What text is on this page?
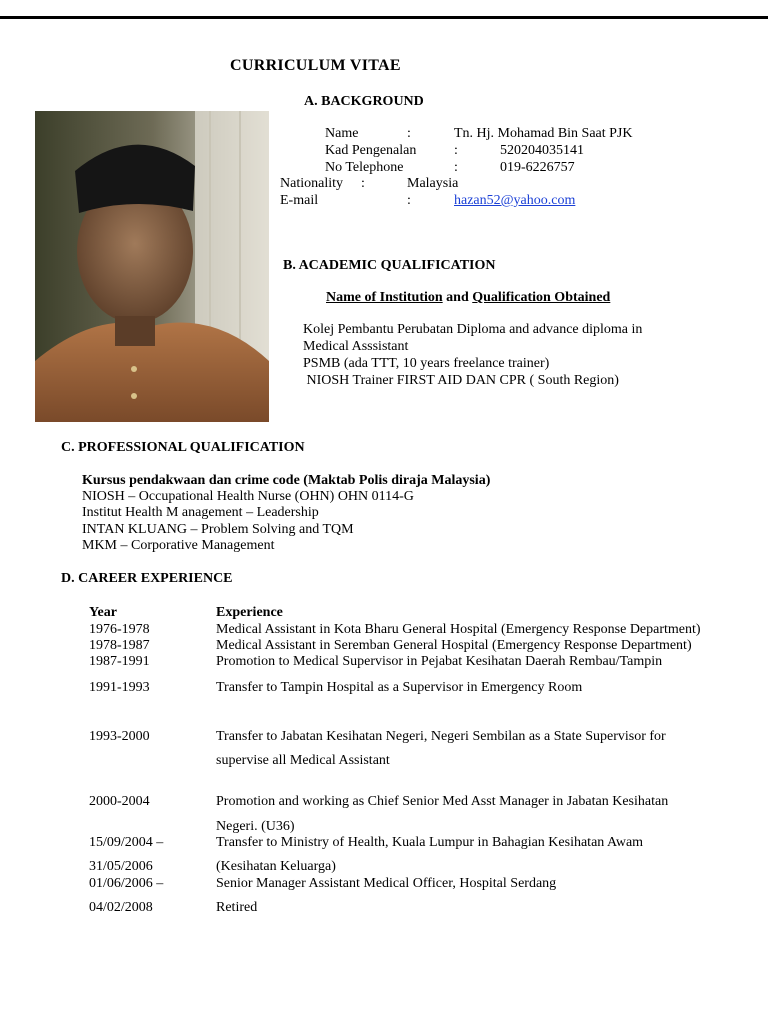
CURRICULUM VITAE
A. BACKGROUND
Name	:	Tn. Hj. Mohamad Bin Saat PJK
Kad Pengenalan	:	520204035141
No Telephone	:	019-6226757
Nationality :	Malaysia
E-mail	:	hazan52@yahoo.com
B. ACADEMIC QUALIFICATION
Name of Institution and Qualification Obtained
Kolej Pembantu Perubatan Diploma and advance diploma in
Medical Asssistant
PSMB (ada TTT, 10 years freelance trainer)
NIOSH Trainer FIRST AID DAN CPR ( South Region)
C. PROFESSIONAL QUALIFICATION
Kursus pendakwaan dan crime code (Maktab Polis diraja Malaysia)
NIOSH – Occupational Health Nurse (OHN) OHN 0114-G
Institut Health M anagement – Leadership
INTAN KLUANG – Problem Solving and TQM
MKM – Corporative Management
D. CAREER EXPERIENCE
Year	Experience
1976-1978	Medical Assistant in Kota Bharu General Hospital (Emergency Response Department)
1978-1987	Medical Assistant in Seremban General Hospital (Emergency Response Department)
1987-1991	Promotion to Medical Supervisor in Pejabat Kesihatan Daerah Rembau/Tampin
1991-1993	Transfer to Tampin Hospital as a Supervisor in Emergency Room
1993-2000	Transfer to Jabatan Kesihatan Negeri, Negeri Sembilan as a State Supervisor for
supervise all Medical Assistant
2000-2004	Promotion and working as Chief Senior Med Asst Manager in Jabatan Kesihatan
Negeri. (U36)
15/09/2004 –	Transfer to Ministry of Health, Kuala Lumpur in Bahagian Kesihatan Awam
31/05/2006	(Kesihatan Keluarga)
01/06/2006 –	Senior Manager Assistant Medical Officer, Hospital Serdang
04/02/2008	Retired
